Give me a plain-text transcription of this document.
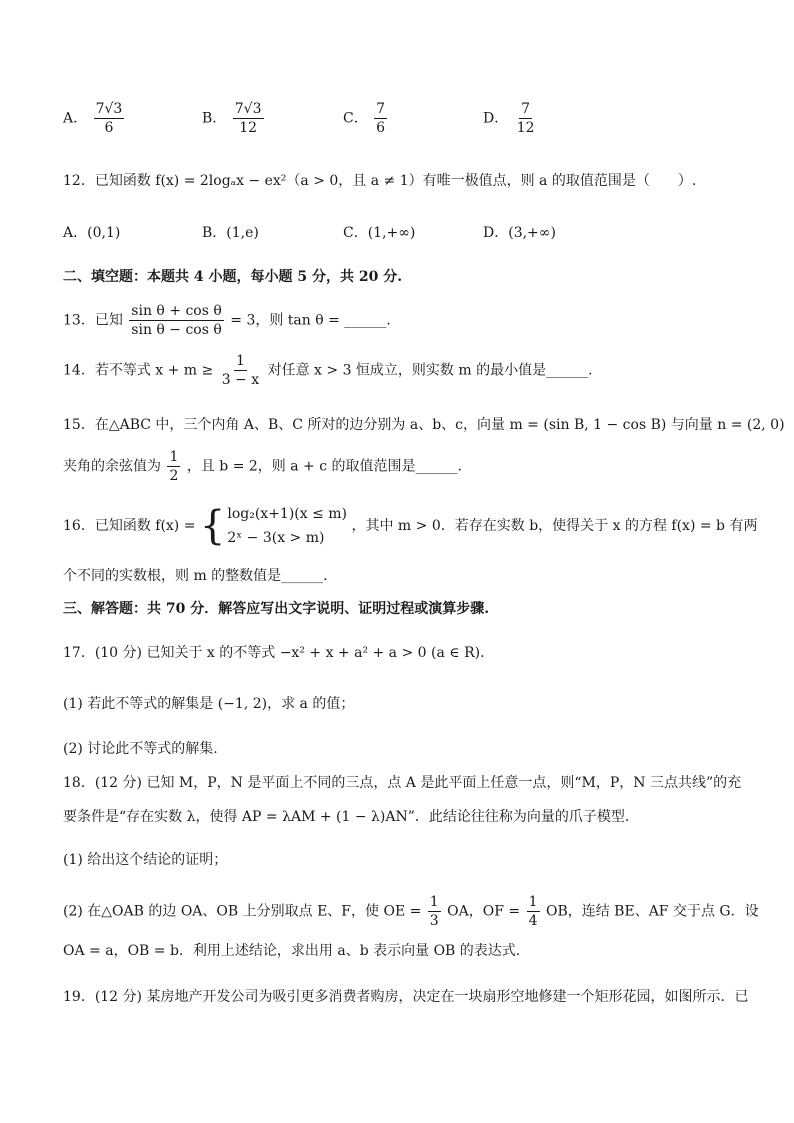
A． $\frac{7√3}{6}$	B． $\frac{7√3}{12}$	C． $\frac{7}{6}$	D． $\frac{7}{12}$
12．已知函数 f(x) = 2logₐx − ex²（a > 0，且 a ≠ 1）有唯一极值点，则 a 的取值范围是（　　）.
A．(0,1)	B．(1,e)	C．(1,+∞)	D．(3,+∞)
二、填空题：本题共 4 小题，每小题 5 分，共 20 分.
13．已知 $\frac{\text{sin θ + cos θ}}{\text{sin θ − cos θ}} = 3$，则 tan θ = ______.
14．若不等式 $x + m \ge \frac{1}{3 - x}$ 对任意 x > 3 恒成立，则实数 m 的最小值是______.
15．在△ABC 中，三个内角 A、B、C 所对的边分别为 a、b、c，向量 m = (sin B, 1 − cos B) 与向量 n = (2, 0)
夹角的余弦值为 $\frac{1}{2}$ ，且 b = 2，则 a + c 的取值范围是______.
16．已知函数 f(x) = { log₂(x+1)(x ≤ m)
2ˣ − 3(x > m)
，其中 m > 0．若存在实数 b，使得关于 x 的方程 f(x) = b 有两
个不同的实数根，则 m 的整数值是______.
三、解答题：共 70 分．解答应写出文字说明、证明过程或演算步骤.
17．(10 分) 已知关于 x 的不等式 −x² + x + a² + a > 0 (a ∈ R).
(1) 若此不等式的解集是 (−1, 2)，求 a 的值；
(2) 讨论此不等式的解集.
18．(12 分) 已知 M，P，N 是平面上不同的三点，点 A 是此平面上任意一点，则“M，P，N 三点共线”的充
要条件是“存在实数 λ，使得 AP = λAM + (1 − λ)AN”．此结论往往称为向量的爪子模型.
(1) 给出这个结论的证明；
(2) 在△OAB 的边 OA、OB 上分别取点 E、F，使 OE = $\frac{1}{3}$ OA，OF = $\frac{1}{4}$ OB，连结 BE、AF 交于点 G．设
OA = a，OB = b．利用上述结论，求出用 a、b 表示向量 OB 的表达式.
19．(12 分) 某房地产开发公司为吸引更多消费者购房，决定在一块扇形空地修建一个矩形花园，如图所示．已
